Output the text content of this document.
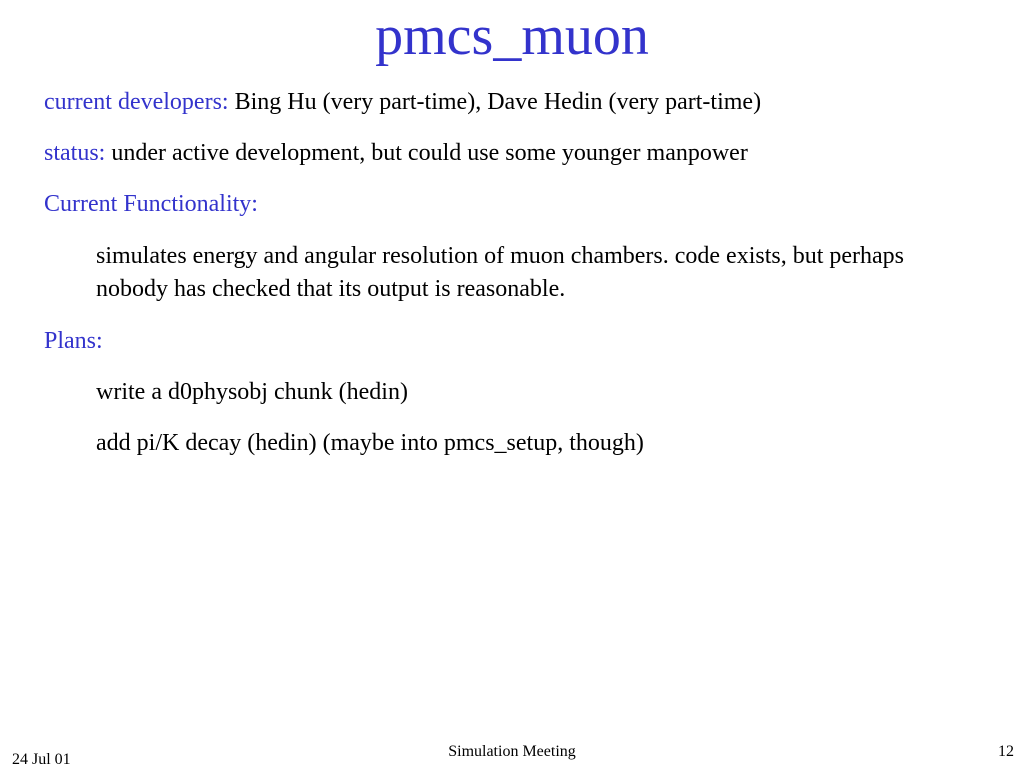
pmcs_muon
current developers: Bing Hu (very part-time), Dave Hedin (very part-time)
status: under active development, but could use some younger manpower
Current Functionality:
simulates energy and angular resolution of muon chambers. code exists, but perhaps nobody has checked that its output is reasonable.
Plans:
write a d0physobj chunk (hedin)
add pi/K decay (hedin) (maybe into pmcs_setup, though)
24 Jul 01	Simulation Meeting	12
